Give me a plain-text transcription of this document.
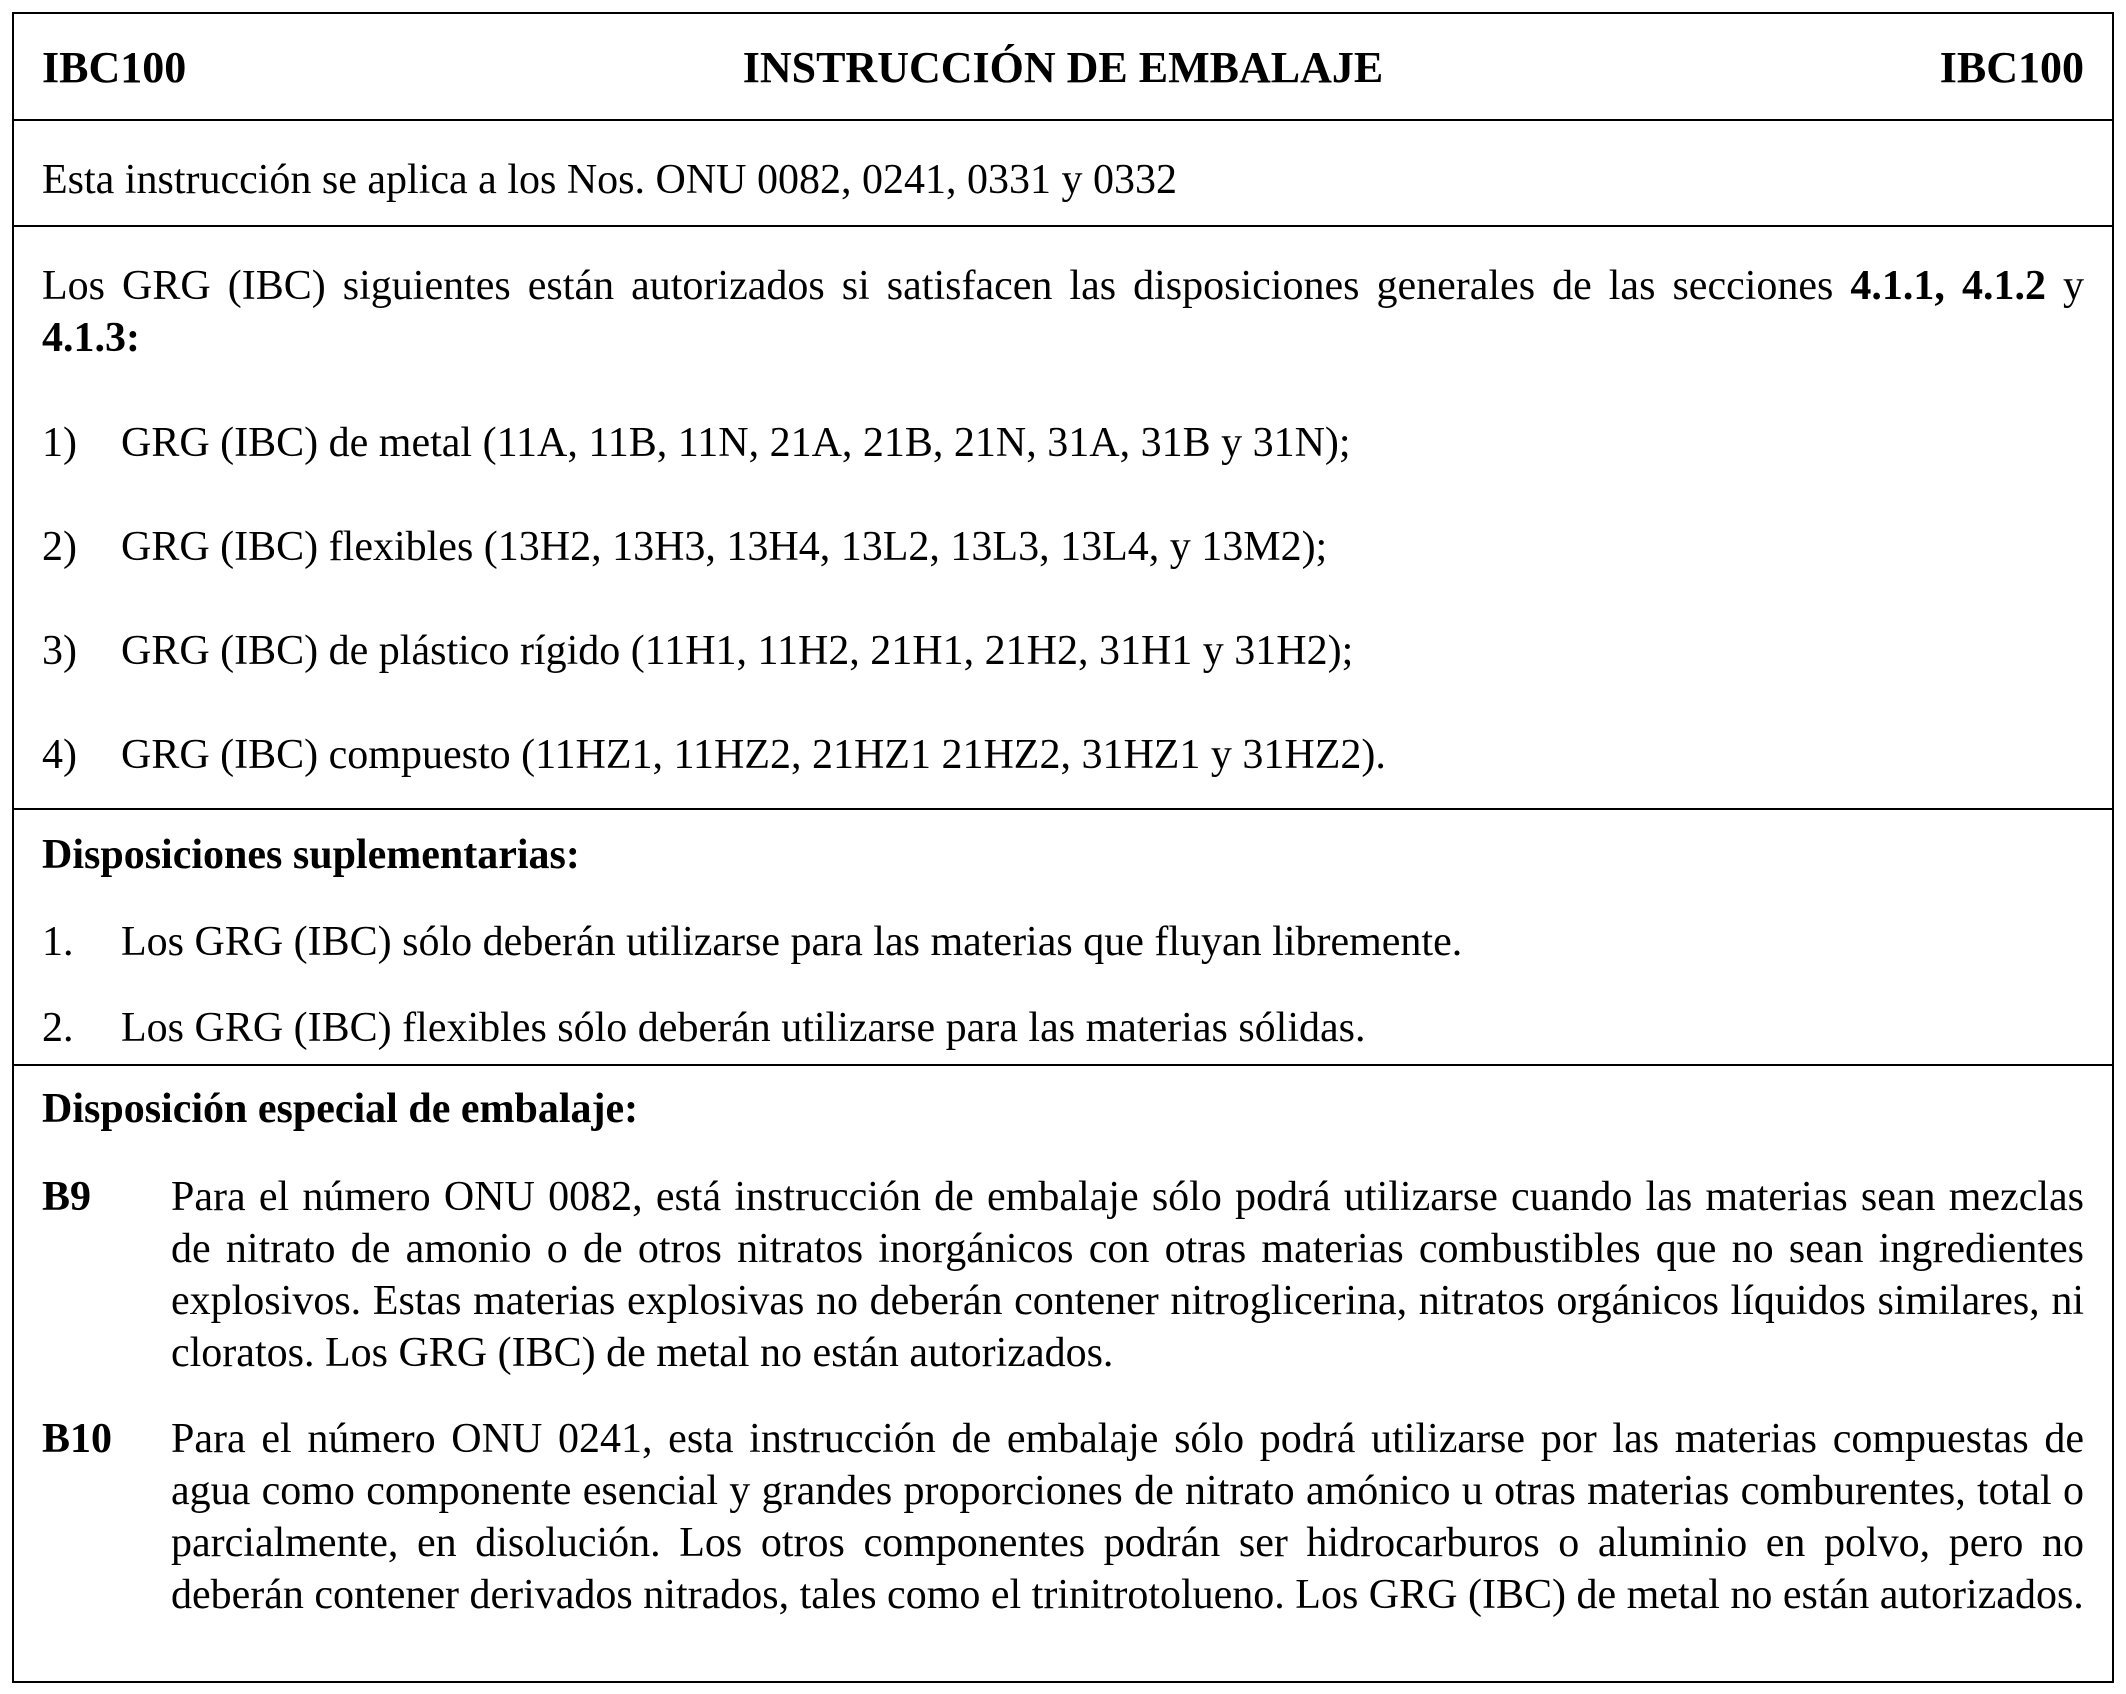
IBC100	INSTRUCCIÓN DE EMBALAJE	IBC100
Esta instrucción se aplica a los Nos. ONU 0082, 0241, 0331 y 0332
Los GRG (IBC) siguientes están autorizados si satisfacen las disposiciones generales de las secciones 4.1.1, 4.1.2 y 4.1.3:
1)	GRG (IBC) de metal (11A, 11B, 11N, 21A, 21B, 21N, 31A, 31B y 31N);
2)	GRG (IBC) flexibles (13H2, 13H3, 13H4, 13L2, 13L3, 13L4, y 13M2);
3)	GRG (IBC) de plástico rígido (11H1, 11H2, 21H1, 21H2, 31H1 y 31H2);
4)	GRG (IBC) compuesto (11HZ1, 11HZ2, 21HZ1 21HZ2, 31HZ1 y 31HZ2).
Disposiciones suplementarias:
1.	Los GRG (IBC) sólo deberán utilizarse para las materias que fluyan libremente.
2.	Los GRG (IBC) flexibles sólo deberán utilizarse para las materias sólidas.
Disposición especial de embalaje:
B9 Para el número ONU 0082, está instrucción de embalaje sólo podrá utilizarse cuando las materias sean mezclas de nitrato de amonio o de otros nitratos inorgánicos con otras materias combustibles que no sean ingredientes explosivos. Estas materias explosivas no deberán contener nitroglicerina, nitratos orgánicos líquidos similares, ni cloratos. Los GRG (IBC) de metal no están autorizados.
B10 Para el número ONU 0241, esta instrucción de embalaje sólo podrá utilizarse por las materias compuestas de agua como componente esencial y grandes proporciones de nitrato amónico u otras materias comburentes, total o parcialmente, en disolución. Los otros componentes podrán ser hidrocarburos o aluminio en polvo, pero no deberán contener derivados nitrados, tales como el trinitrotolueno. Los GRG (IBC) de metal no están autorizados.
